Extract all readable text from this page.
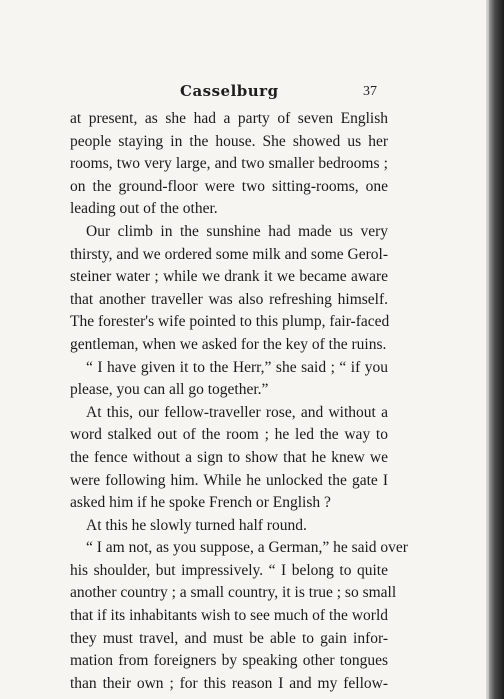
Casselburg	37
at present, as she had a party of seven English
people staying in the house. She showed us her
rooms, two very large, and two smaller bedrooms ;
on the ground-floor were two sitting-rooms, one
leading out of the other.
Our climb in the sunshine had made us very
thirsty, and we ordered some milk and some Gerol-
steiner water ; while we drank it we became aware
that another traveller was also refreshing himself.
The forester's wife pointed to this plump, fair-faced
gentleman, when we asked for the key of the ruins.
“ I have given it to the Herr,” she said ; “ if you
please, you can all go together.”
At this, our fellow-traveller rose, and without a
word stalked out of the room ; he led the way to
the fence without a sign to show that he knew we
were following him. While he unlocked the gate I
asked him if he spoke French or English ?
At this he slowly turned half round.
“ I am not, as you suppose, a German,” he said over
his shoulder, but impressively. “ I belong to quite
another country ; a small country, it is true ; so small
that if its inhabitants wish to see much of the world
they must travel, and must be able to gain infor-
mation from foreigners by speaking other tongues
than their own ; for this reason I and my fellow-
